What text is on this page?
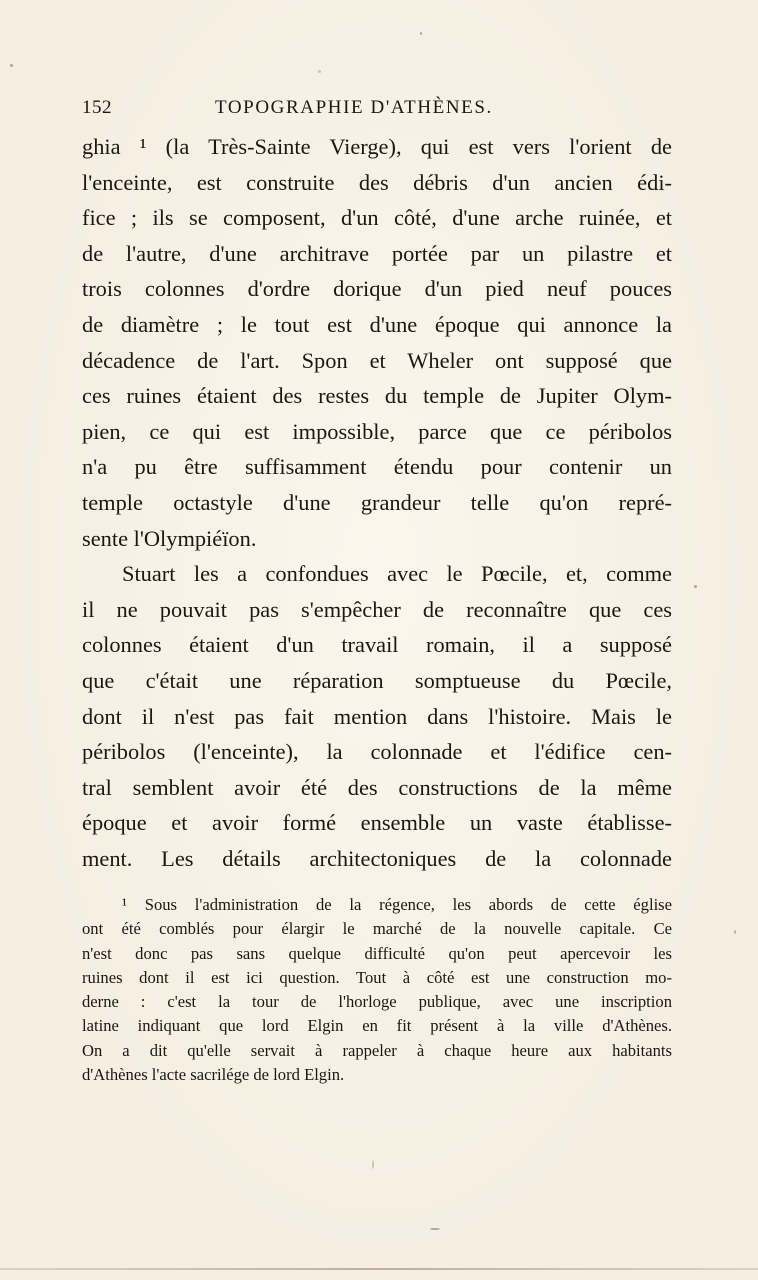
152	TOPOGRAPHIE D'ATHÈNES.
ghia ¹ (la Très-Sainte Vierge), qui est vers l'orient de
l'enceinte, est construite des débris d'un ancien édi-
fice ; ils se composent, d'un côté, d'une arche ruinée, et
de l'autre, d'une architrave portée par un pilastre et
trois colonnes d'ordre dorique d'un pied neuf pouces
de diamètre ; le tout est d'une époque qui annonce la
décadence de l'art. Spon et Wheler ont supposé que
ces ruines étaient des restes du temple de Jupiter Olym-
pien, ce qui est impossible, parce que ce péribolos
n'a pu être suffisamment étendu pour contenir un
temple octastyle d'une grandeur telle qu'on repré-
sente l'Olympiéïon.
Stuart les a confondues avec le Pœcile, et, comme
il ne pouvait pas s'empêcher de reconnaître que ces
colonnes étaient d'un travail romain, il a supposé
que c'était une réparation somptueuse du Pœcile,
dont il n'est pas fait mention dans l'histoire. Mais le
péribolos (l'enceinte), la colonnade et l'édifice cen-
tral semblent avoir été des constructions de la même
époque et avoir formé ensemble un vaste établisse-
ment. Les détails architectoniques de la colonnade
¹ Sous l'administration de la régence, les abords de cette église
ont été comblés pour élargir le marché de la nouvelle capitale. Ce
n'est donc pas sans quelque difficulté qu'on peut apercevoir les
ruines dont il est ici question. Tout à côté est une construction mo-
derne : c'est la tour de l'horloge publique, avec une inscription
latine indiquant que lord Elgin en fit présent à la ville d'Athènes.
On a dit qu'elle servait à rappeler à chaque heure aux habitants
d'Athènes l'acte sacrilége de lord Elgin.
